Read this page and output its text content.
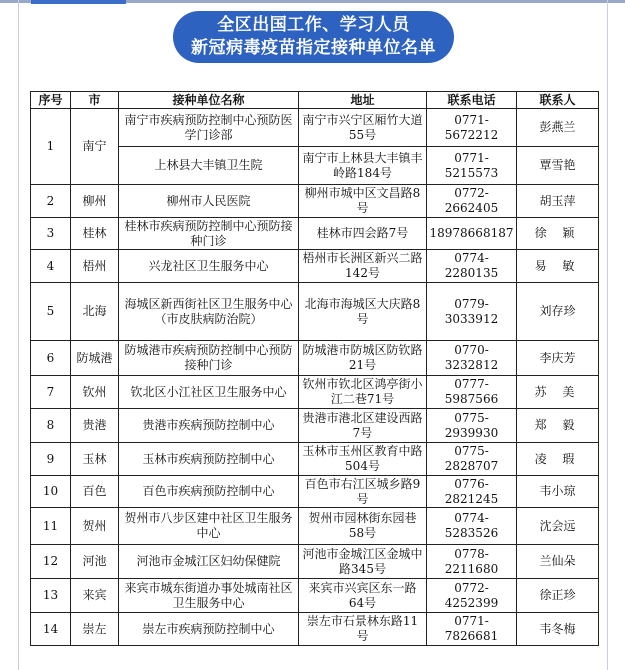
全区出国工作、学习人员
新冠病毒疫苗指定接种单位名单
序号	市	接种单位名称	地址	联系电话	联系人
1	南宁	南宁市疾病预防控制中心预防医学门诊部	南宁市兴宁区厢竹大道55号	0771-5672212	彭燕兰
		上林县大丰镇卫生院	南宁市上林县大丰镇丰岭路184号	0771-5215573	覃雪艳
2	柳州	柳州市人民医院	柳州市城中区文昌路8号	0772-2662405	胡玉萍
3	桂林	桂林市疾病预防控制中心预防接种门诊	桂林市四会路7号	18978668187	徐 颖
4	梧州	兴龙社区卫生服务中心	梧州市长洲区新兴二路142号	0774-2280135	易 敏
5	北海	海城区新西街社区卫生服务中心（市皮肤病防治院）	北海市海城区大庆路8号	0779-3033912	刘存珍
6	防城港	防城港市疾病预防控制中心预防接种门诊	防城港市防城区防钦路21号	0770-3232812	李庆芳
7	钦州	钦北区小江社区卫生服务中心	钦州市钦北区鸿亭街小江二巷71号	0777-5987566	苏 美
8	贵港	贵港市疾病预防控制中心	贵港市港北区建设西路7号	0775-2939930	郑 毅
9	玉林	玉林市疾病预防控制中心	玉林市玉州区教育中路504号	0775-2828707	凌 瑕
10	百色	百色市疾病预防控制中心	百色市右江区城乡路9号	0776-2821245	韦小琼
11	贺州	贺州市八步区建中社区卫生服务中心	贺州市园林街东园巷58号	0774-5283526	沈会远
12	河池	河池市金城江区妇幼保健院	河池市金城江区金城中路345号	0778-2211680	兰仙朵
13	来宾	来宾市城东街道办事处城南社区卫生服务中心	来宾市兴宾区东一路64号	0772-4252399	徐正珍
14	崇左	崇左市疾病预防控制中心	崇左市石景林东路11号	0771-7826681	韦冬梅
